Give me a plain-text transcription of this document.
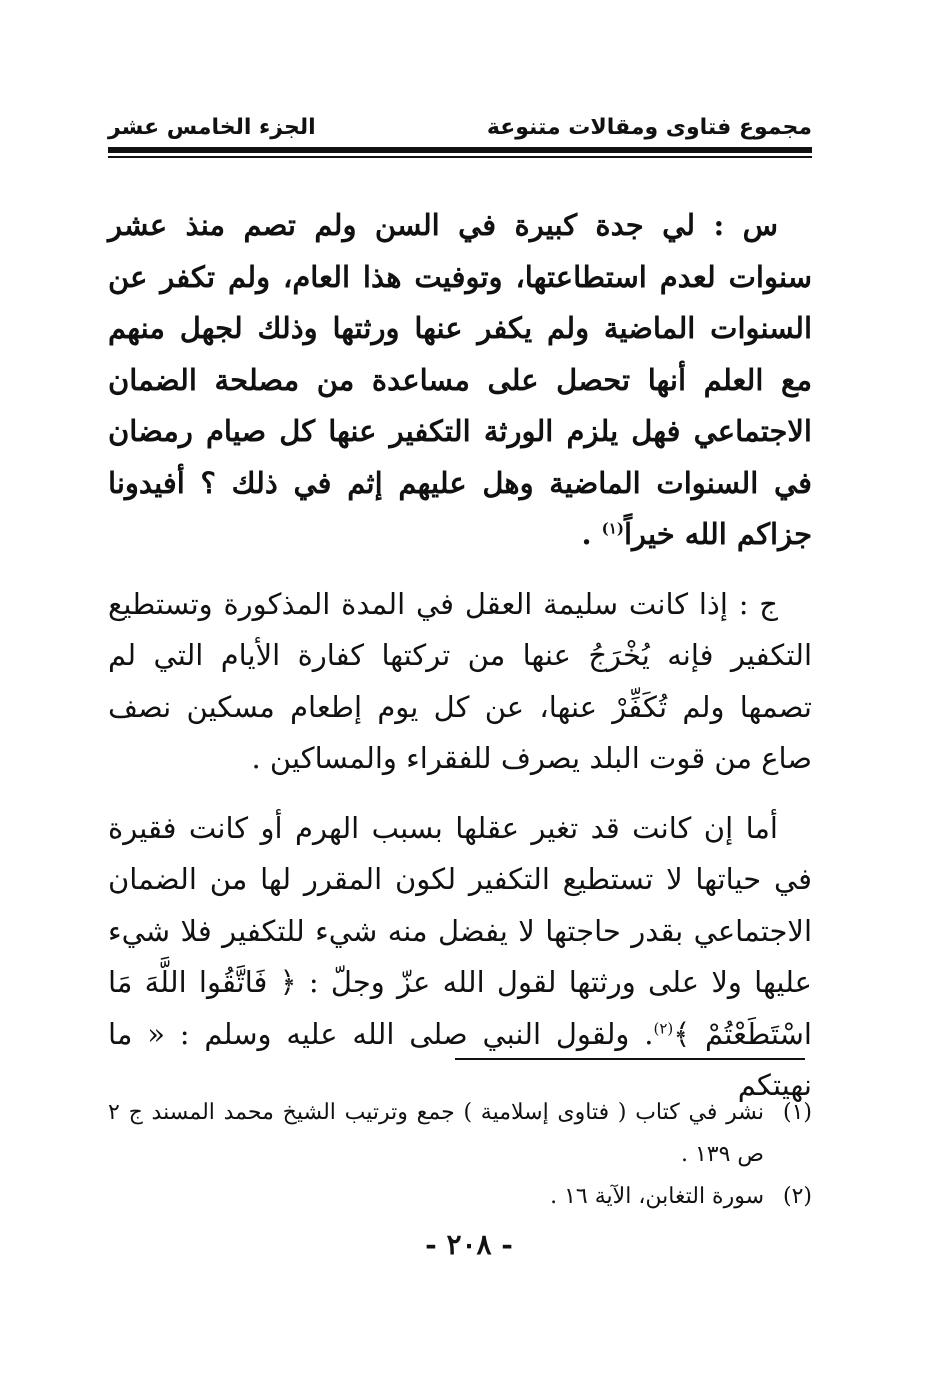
مجموع فتاوى ومقالات متنوعة
الجزء الخامس عشر

س : لي جدة كبيرة في السن ولم تصم منذ عشر سنوات لعدم استطاعتها، وتوفيت هذا العام، ولم تكفر عن السنوات الماضية ولم يكفر عنها ورثتها وذلك لجهل منهم مع العلم أنها تحصل على مساعدة من مصلحة الضمان الاجتماعي فهل يلزم الورثة التكفير عنها كل صيام رمضان في السنوات الماضية وهل عليهم إثم في ذلك ؟ أفيدونا جزاكم الله خيراً$^{(١)}$ .

ج : إذا كانت سليمة العقل في المدة المذكورة وتستطيع التكفير فإنه يُخْرَجُ عنها من تركتها كفارة الأيام التي لم تصمها ولم تُكَفِّرْ عنها، عن كل يوم إطعام مسكين نصف صاع من قوت البلد يصرف للفقراء والمساكين .

أما إن كانت قد تغير عقلها بسبب الهرم أو كانت فقيرة في حياتها لا تستطيع التكفير لكون المقرر لها من الضمان الاجتماعي بقدر حاجتها لا يفضل منه شيء للتكفير فلا شيء عليها ولا على ورثتها لقول الله عزّ وجلّ : ﴿ فَاتَّقُوا اللَّهَ مَا اسْتَطَعْتُمْ ﴾$^{(٢)}$. ولقول النبي صلى الله عليه وسلم : « ما نهيتكم

(١)
نشر في كتاب ( فتاوى إسلامية ) جمع وترتيب الشيخ محمد المسند ج ٢ ص ١٣٩ .

(٢)
سورة التغابن، الآية ١٦ .

- ٢٠٨ -
